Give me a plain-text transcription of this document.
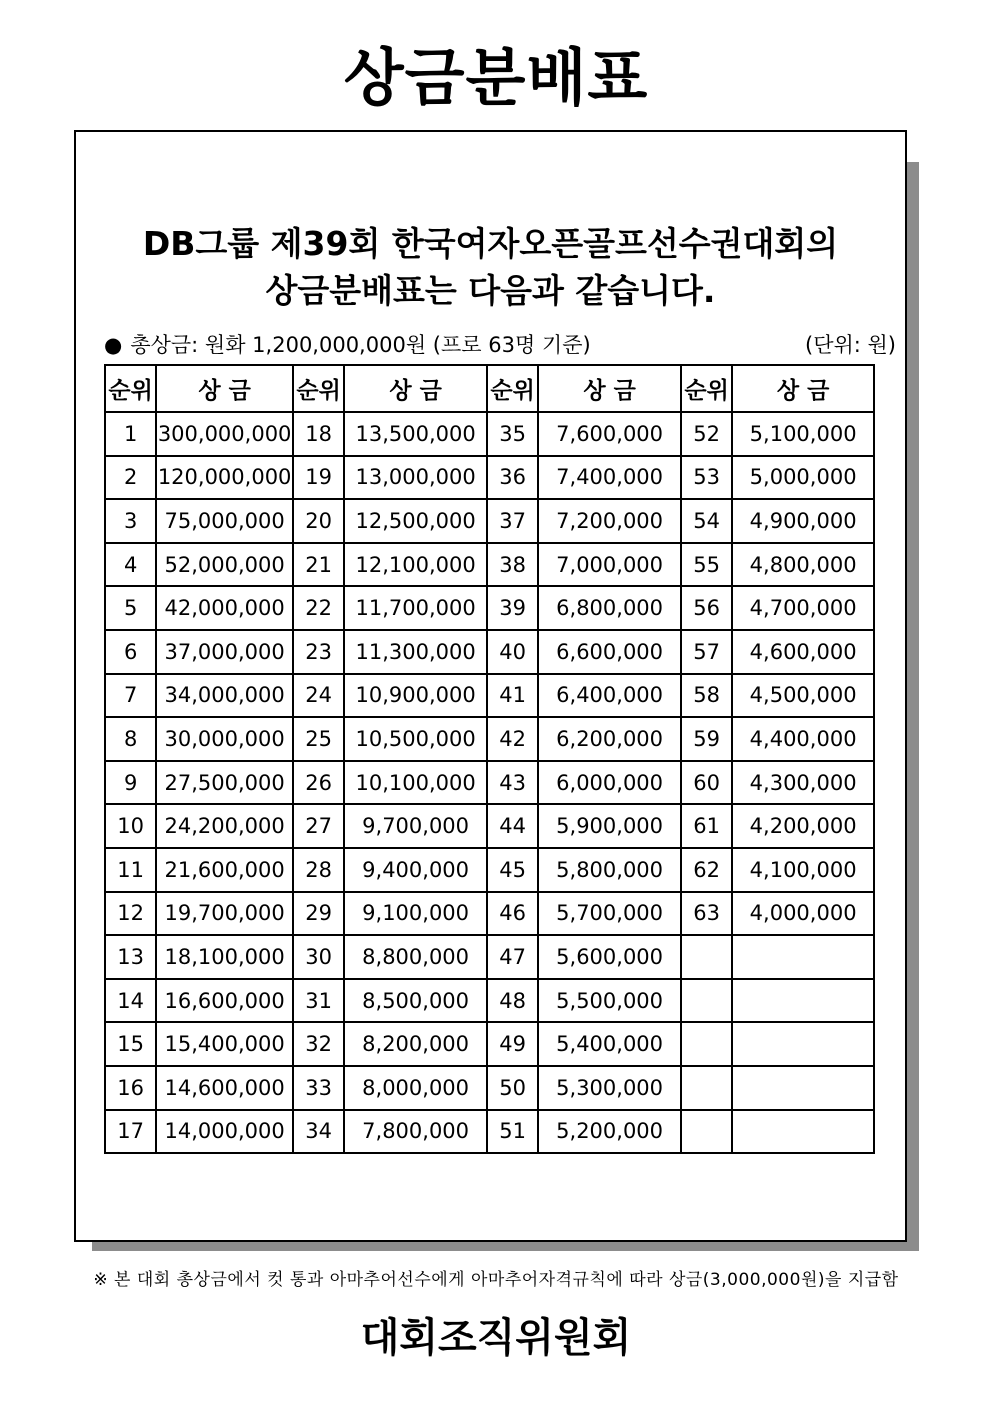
상금분배표
DB그룹 제39회 한국여자오픈골프선수권대회의
상금분배표는 다음과 같습니다.
● 총상금: 원화 1,200,000,000원 (프로 63명 기준)	(단위: 원)
순위	상 금	순위	상 금	순위	상 금	순위	상 금
1	300,000,000	18	13,500,000	35	7,600,000	52	5,100,000
2	120,000,000	19	13,000,000	36	7,400,000	53	5,000,000
3	75,000,000	20	12,500,000	37	7,200,000	54	4,900,000
4	52,000,000	21	12,100,000	38	7,000,000	55	4,800,000
5	42,000,000	22	11,700,000	39	6,800,000	56	4,700,000
6	37,000,000	23	11,300,000	40	6,600,000	57	4,600,000
7	34,000,000	24	10,900,000	41	6,400,000	58	4,500,000
8	30,000,000	25	10,500,000	42	6,200,000	59	4,400,000
9	27,500,000	26	10,100,000	43	6,000,000	60	4,300,000
10	24,200,000	27	9,700,000	44	5,900,000	61	4,200,000
11	21,600,000	28	9,400,000	45	5,800,000	62	4,100,000
12	19,700,000	29	9,100,000	46	5,700,000	63	4,000,000
13	18,100,000	30	8,800,000	47	5,600,000		
14	16,600,000	31	8,500,000	48	5,500,000		
15	15,400,000	32	8,200,000	49	5,400,000		
16	14,600,000	33	8,000,000	50	5,300,000		
17	14,000,000	34	7,800,000	51	5,200,000		
※ 본 대회 총상금에서 컷 통과 아마추어선수에게 아마추어자격규칙에 따라 상금(3,000,000원)을 지급함
대회조직위원회
